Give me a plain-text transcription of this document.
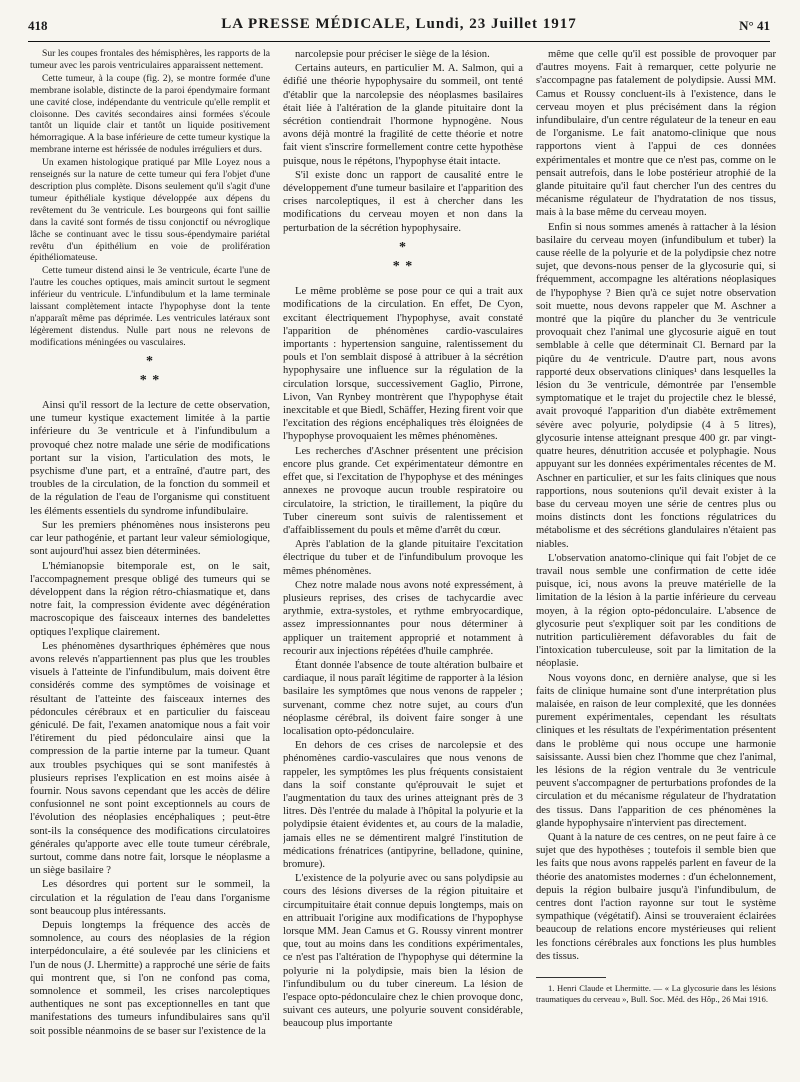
418	LA PRESSE MÉDICALE, Lundi, 23 Juillet 1917	N° 41

Sur les coupes frontales des hémisphères, les rapports de la tumeur avec les parois ventriculaires apparaissent nettement.

Cette tumeur, à la coupe (fig. 2), se montre formée d'une membrane isolable, distincte de la paroi épendymaire formant une cavité close, indépendante du ventricule qu'elle remplit et cloisonne. Des cavités secondaires ainsi formées s'écoule tantôt un liquide clair et tantôt un liquide positivement hémorragique. A la base inférieure de cette tumeur kystique la membrane interne est hérissée de nodules irréguliers et durs.

Un examen histologique pratiqué par Mlle Loyez nous a renseignés sur la nature de cette tumeur qui fera l'objet d'une description plus complète. Disons seulement qu'il s'agit d'une tumeur épithéliale kystique développée aux dépens du revêtement du 3e ventricule. Les bourgeons qui font saillie dans la cavité sont formés de tissu conjonctif ou névroglique lâche se continuant avec le tissu sous-épendymaire pariétal revêtu d'un épithélium en voie de prolifération épithéliomateuse.

Cette tumeur distend ainsi le 3e ventricule, écarte l'une de l'autre les couches optiques, mais amincit surtout le segment inférieur du ventricule. L'infundibulum et la lame terminale laissant complètement intacte l'hypophyse dont la tente n'apparaît même pas déprimée. Les ventricules latéraux sont légèrement distendus. Nulle part nous ne relevons de modifications méningées ou vasculaires.

*
* *

Ainsi qu'il ressort de la lecture de cette observation, une tumeur kystique exactement limitée à la partie inférieure du 3e ventricule et à l'infundibulum a provoqué chez notre malade une série de modifications portant sur la vision, l'articulation des mots, le psychisme d'une part, et a entraîné, d'autre part, des troubles de la circulation, de la fonction du sommeil et de la régulation de l'eau de l'organisme qui constituent les éléments essentiels du syndrome infundibulaire.

Sur les premiers phénomènes nous insisterons peu car leur pathogénie, et partant leur valeur sémiologique, sont aujourd'hui assez bien déterminées.

L'hémianopsie bitemporale est, on le sait, l'accompagnement presque obligé des tumeurs qui se développent dans la région rétro-chiasmatique et, dans notre fait, la compression évidente avec dégénération macroscopique des faisceaux internes des bandelettes optiques l'explique clairement.

Les phénomènes dysarthriques éphémères que nous avons relevés n'appartiennent pas plus que les troubles visuels à l'atteinte de l'infundibulum, mais doivent être considérés comme des symptômes de voisinage et résultant de l'atteinte des faisceaux internes des pédoncules cérébraux et en particulier du faisceau géniculé. De fait, l'examen anatomique nous a fait voir l'étirement du pied pédonculaire ainsi que la compression de la partie interne par la tumeur. Quant aux troubles psychiques qui se sont manifestés à plusieurs reprises l'explication en est moins aisée à fournir. Nous savons cependant que les accès de délire confusionnel ne sont point exceptionnels au cours de l'évolution des néoplasies encéphaliques ; peut-être sont-ils la conséquence des modifications circulatoires générales qu'apporte avec elle toute tumeur cérébrale, surtout, comme dans notre fait, lorsque le néoplasme a un siège basilaire ?

Les désordres qui portent sur le sommeil, la circulation et la régulation de l'eau dans l'organisme sont beaucoup plus intéressants.

Depuis longtemps la fréquence des accès de somnolence, au cours des néoplasies de la région interpédonculaire, a été soulevée par les cliniciens et l'un de nous (J. Lhermitte) a rapproché une série de faits qui montrent que, si l'on ne confond pas coma, somnolence et sommeil, les crises narcoleptiques authentiques ne sont pas exceptionnelles en tant que manifestations des tumeurs infundibulaires sans qu'il soit possible néanmoins de se baser sur l'existence de la

narcolepsie pour préciser le siège de la lésion.

Certains auteurs, en particulier M. A. Salmon, qui a édifié une théorie hypophysaire du sommeil, ont tenté d'établir que la narcolepsie des néoplasmes basilaires était liée à l'altération de la glande pituitaire dont la sécrétion contiendrait l'hormone hypnogène. Nous avons déjà montré la fragilité de cette théorie et notre fait vient s'inscrire formellement contre cette hypothèse puisque, nous le répétons, l'hypophyse était intacte.

S'il existe donc un rapport de causalité entre le développement d'une tumeur basilaire et l'apparition des crises narcoleptiques, il est à chercher dans les modifications du cerveau moyen et non dans la perturbation de la sécrétion hypophysaire.

*
* *

Le même problème se pose pour ce qui a trait aux modifications de la circulation. En effet, De Cyon, excitant électriquement l'hypophyse, avait constaté l'apparition de phénomènes cardio-vasculaires importants : hypertension sanguine, ralentissement du pouls et l'on semblait disposé à attribuer à la sécrétion hypophysaire une influence sur la régulation de la circulation lorsque, successivement Gaglio, Pirrone, Livon, Van Rynbey montrèrent que l'hypophyse était inexcitable et que Biedl, Schäffer, Hezing firent voir que l'excitation des régions encéphaliques très éloignées de l'hypophyse provoquaient les mêmes phénomènes.

Les recherches d'Aschner présentent une précision encore plus grande. Cet expérimentateur démontre en effet que, si l'excitation de l'hypophyse et des méninges annexes ne provoque aucun trouble respiratoire ou circulatoire, la striction, le tiraillement, la piqûre du Tuber cinereum sont suivis de ralentissement et d'affaiblissement du pouls et même d'arrêt du cœur.

Après l'ablation de la glande pituitaire l'excitation électrique du tuber et de l'infundibulum provoque les mêmes phénomènes.

Chez notre malade nous avons noté expressément, à plusieurs reprises, des crises de tachycardie avec arythmie, extra-systoles, et rythme embryocardique, assez impressionnantes pour nous déterminer à appliquer un traitement approprié et notamment à recourir aux injections répétées d'huile camphrée.

Étant donnée l'absence de toute altération bulbaire et cardiaque, il nous paraît légitime de rapporter à la lésion basilaire les symptômes que nous venons de rappeler ; survenant, comme chez notre sujet, au cours d'un néoplasme cérébral, ils doivent faire songer à une localisation opto-pédonculaire.

En dehors de ces crises de narcolepsie et des phénomènes cardio-vasculaires que nous venons de rappeler, les symptômes les plus fréquents consistaient dans la soif constante qu'éprouvait le sujet et l'augmentation du taux des urines atteignant près de 3 litres. Dès l'entrée du malade à l'hôpital la polyurie et la polydipsie étaient évidentes et, au cours de la maladie, jamais elles ne se démentirent malgré l'institution de médications frénatrices (antipyrine, belladone, quinine, bromure).

L'existence de la polyurie avec ou sans polydipsie au cours des lésions diverses de la région pituitaire et circumpituitaire était connue depuis longtemps, mais on en attribuait l'origine aux modifications de l'hypophyse lorsque MM. Jean Camus et G. Roussy vinrent montrer que, tout au moins dans les conditions expérimentales, ce n'est pas l'altération de l'hypophyse qui détermine la polyurie ni la polydipsie, mais bien la lésion de l'infundibulum ou du tuber cinereum. La lésion de l'espace opto-pédonculaire chez le chien provoque donc, suivant ces auteurs, une polyurie souvent considérable, beaucoup plus importante

même que celle qu'il est possible de provoquer par d'autres moyens. Fait à remarquer, cette polyurie ne s'accompagne pas fatalement de polydipsie. Aussi MM. Camus et Roussy concluent-ils à l'existence, dans le cerveau moyen et plus précisément dans la région infundibulaire, d'un centre régulateur de la teneur en eau de l'organisme. Le fait anatomo-clinique que nous rapportons vient à l'appui de ces données expérimentales et montre que ce n'est pas, comme on le pensait autrefois, dans le lobe postérieur atrophié de la glande pituitaire qu'il faut chercher l'un des centres du mécanisme régulateur de l'hydratation de nos tissus, mais à la base même du cerveau moyen.

Enfin si nous sommes amenés à rattacher à la lésion basilaire du cerveau moyen (infundibulum et tuber) la cause réelle de la polyurie et de la polydipsie chez notre sujet, que devons-nous penser de la glycosurie qui, si fréquemment, accompagne les altérations néoplasiques de l'hypophyse ? Bien qu'à ce sujet notre observation soit muette, nous devons rappeler que M. Aschner a montré que la piqûre du plancher du 3e ventricule provoquait chez l'animal une glycosurie aiguë en tout semblable à celle que déterminait Cl. Bernard par la piqûre du 4e ventricule. D'autre part, nous avons rapporté deux observations cliniques¹ dans lesquelles la lésion du 3e ventricule, démontrée par l'ensemble symptomatique et le trajet du projectile chez le blessé, avait provoqué l'apparition d'un diabète extrêmement sévère avec polyurie, polydipsie (4 à 5 litres), glycosurie intense atteignant presque 400 gr. par vingt-quatre heures, dénutrition accusée et polyphagie. Nous appuyant sur les données expérimentales récentes de M. Aschner en particulier, et sur les faits cliniques que nous rapportions, nous soutenions qu'il devait exister à la base du cerveau moyen une série de centres plus ou moins distincts dont les fonctions régulatrices du métabolisme et des sécrétions glandulaires n'étaient pas niables.

L'observation anatomo-clinique qui fait l'objet de ce travail nous semble une confirmation de cette idée puisque, ici, nous avons la preuve matérielle de la limitation de la lésion à la partie inférieure du cerveau moyen, à la région opto-pédonculaire. L'absence de glycosurie peut s'expliquer soit par les conditions de nutrition particulièrement défavorables du fait de l'intoxication tuberculeuse, soit par la limitation de la néoplasie.

Nous voyons donc, en dernière analyse, que si les faits de clinique humaine sont d'une interprétation plus malaisée, en raison de leur complexité, que les données purement expérimentales, cependant les résultats cliniques et les résultats de l'expérimentation présentent dans le problème qui nous occupe une harmonie saisissante. Aussi bien chez l'homme que chez l'animal, les lésions de la région ventrale du 3e ventricule peuvent s'accompagner de perturbations profondes de la circulation et du mécanisme régulateur de l'hydratation des tissus. Dans l'apparition de ces phénomènes la glande hypophysaire n'intervient pas directement.

Quant à la nature de ces centres, on ne peut faire à ce sujet que des hypothèses ; toutefois il semble bien que les faits que nous avons rappelés parlent en faveur de la théorie des anatomistes modernes : d'un échelonnement, depuis la région bulbaire jusqu'à l'infundibulum, de centres dont l'action rayonne sur tout le système sympathique (végétatif). Ainsi se trouveraient éclairées beaucoup de relations encore mystérieuses qui relient les fonctions cérébrales aux fonctions les plus humbles des tissus.

1. Henri Claude et Lhermitte. — « La glycosurie dans les lésions traumatiques du cerveau », Bull. Soc. Méd. des Hôp., 26 Mai 1916.
